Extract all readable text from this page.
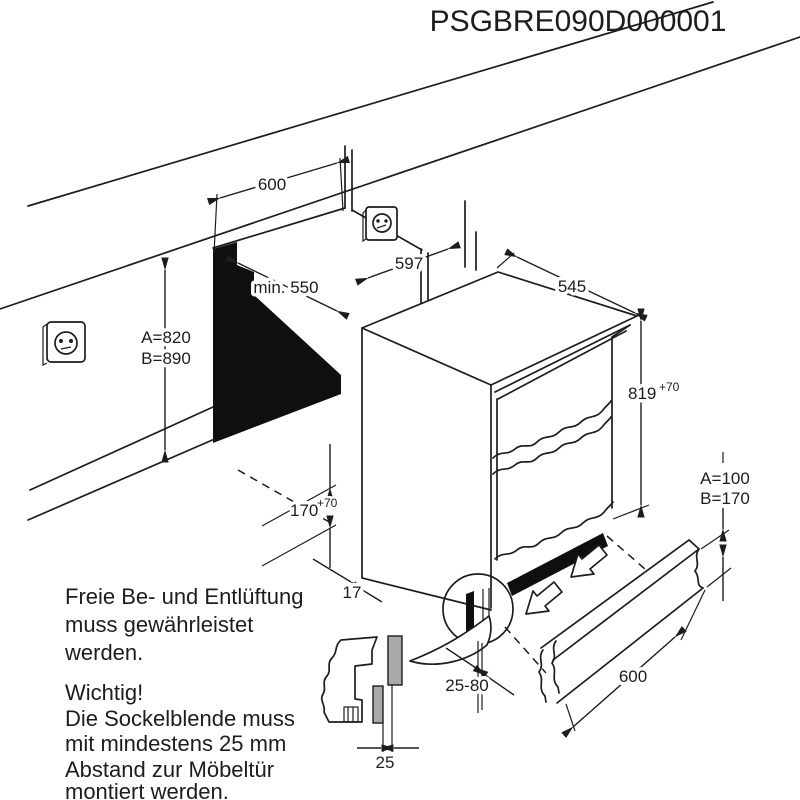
PSGBRE090D000001
600
min. 550
597
545
A=820
B=890
819 +70
170
+70
17
A=100
B=170
600
25-80
25
Freie Be- und Entlüftung
muss gewährleistet
werden.
Wichtig!
Die Sockelblende muss
mit mindestens 25 mm
Abstand zur Möbeltür
montiert werden.
